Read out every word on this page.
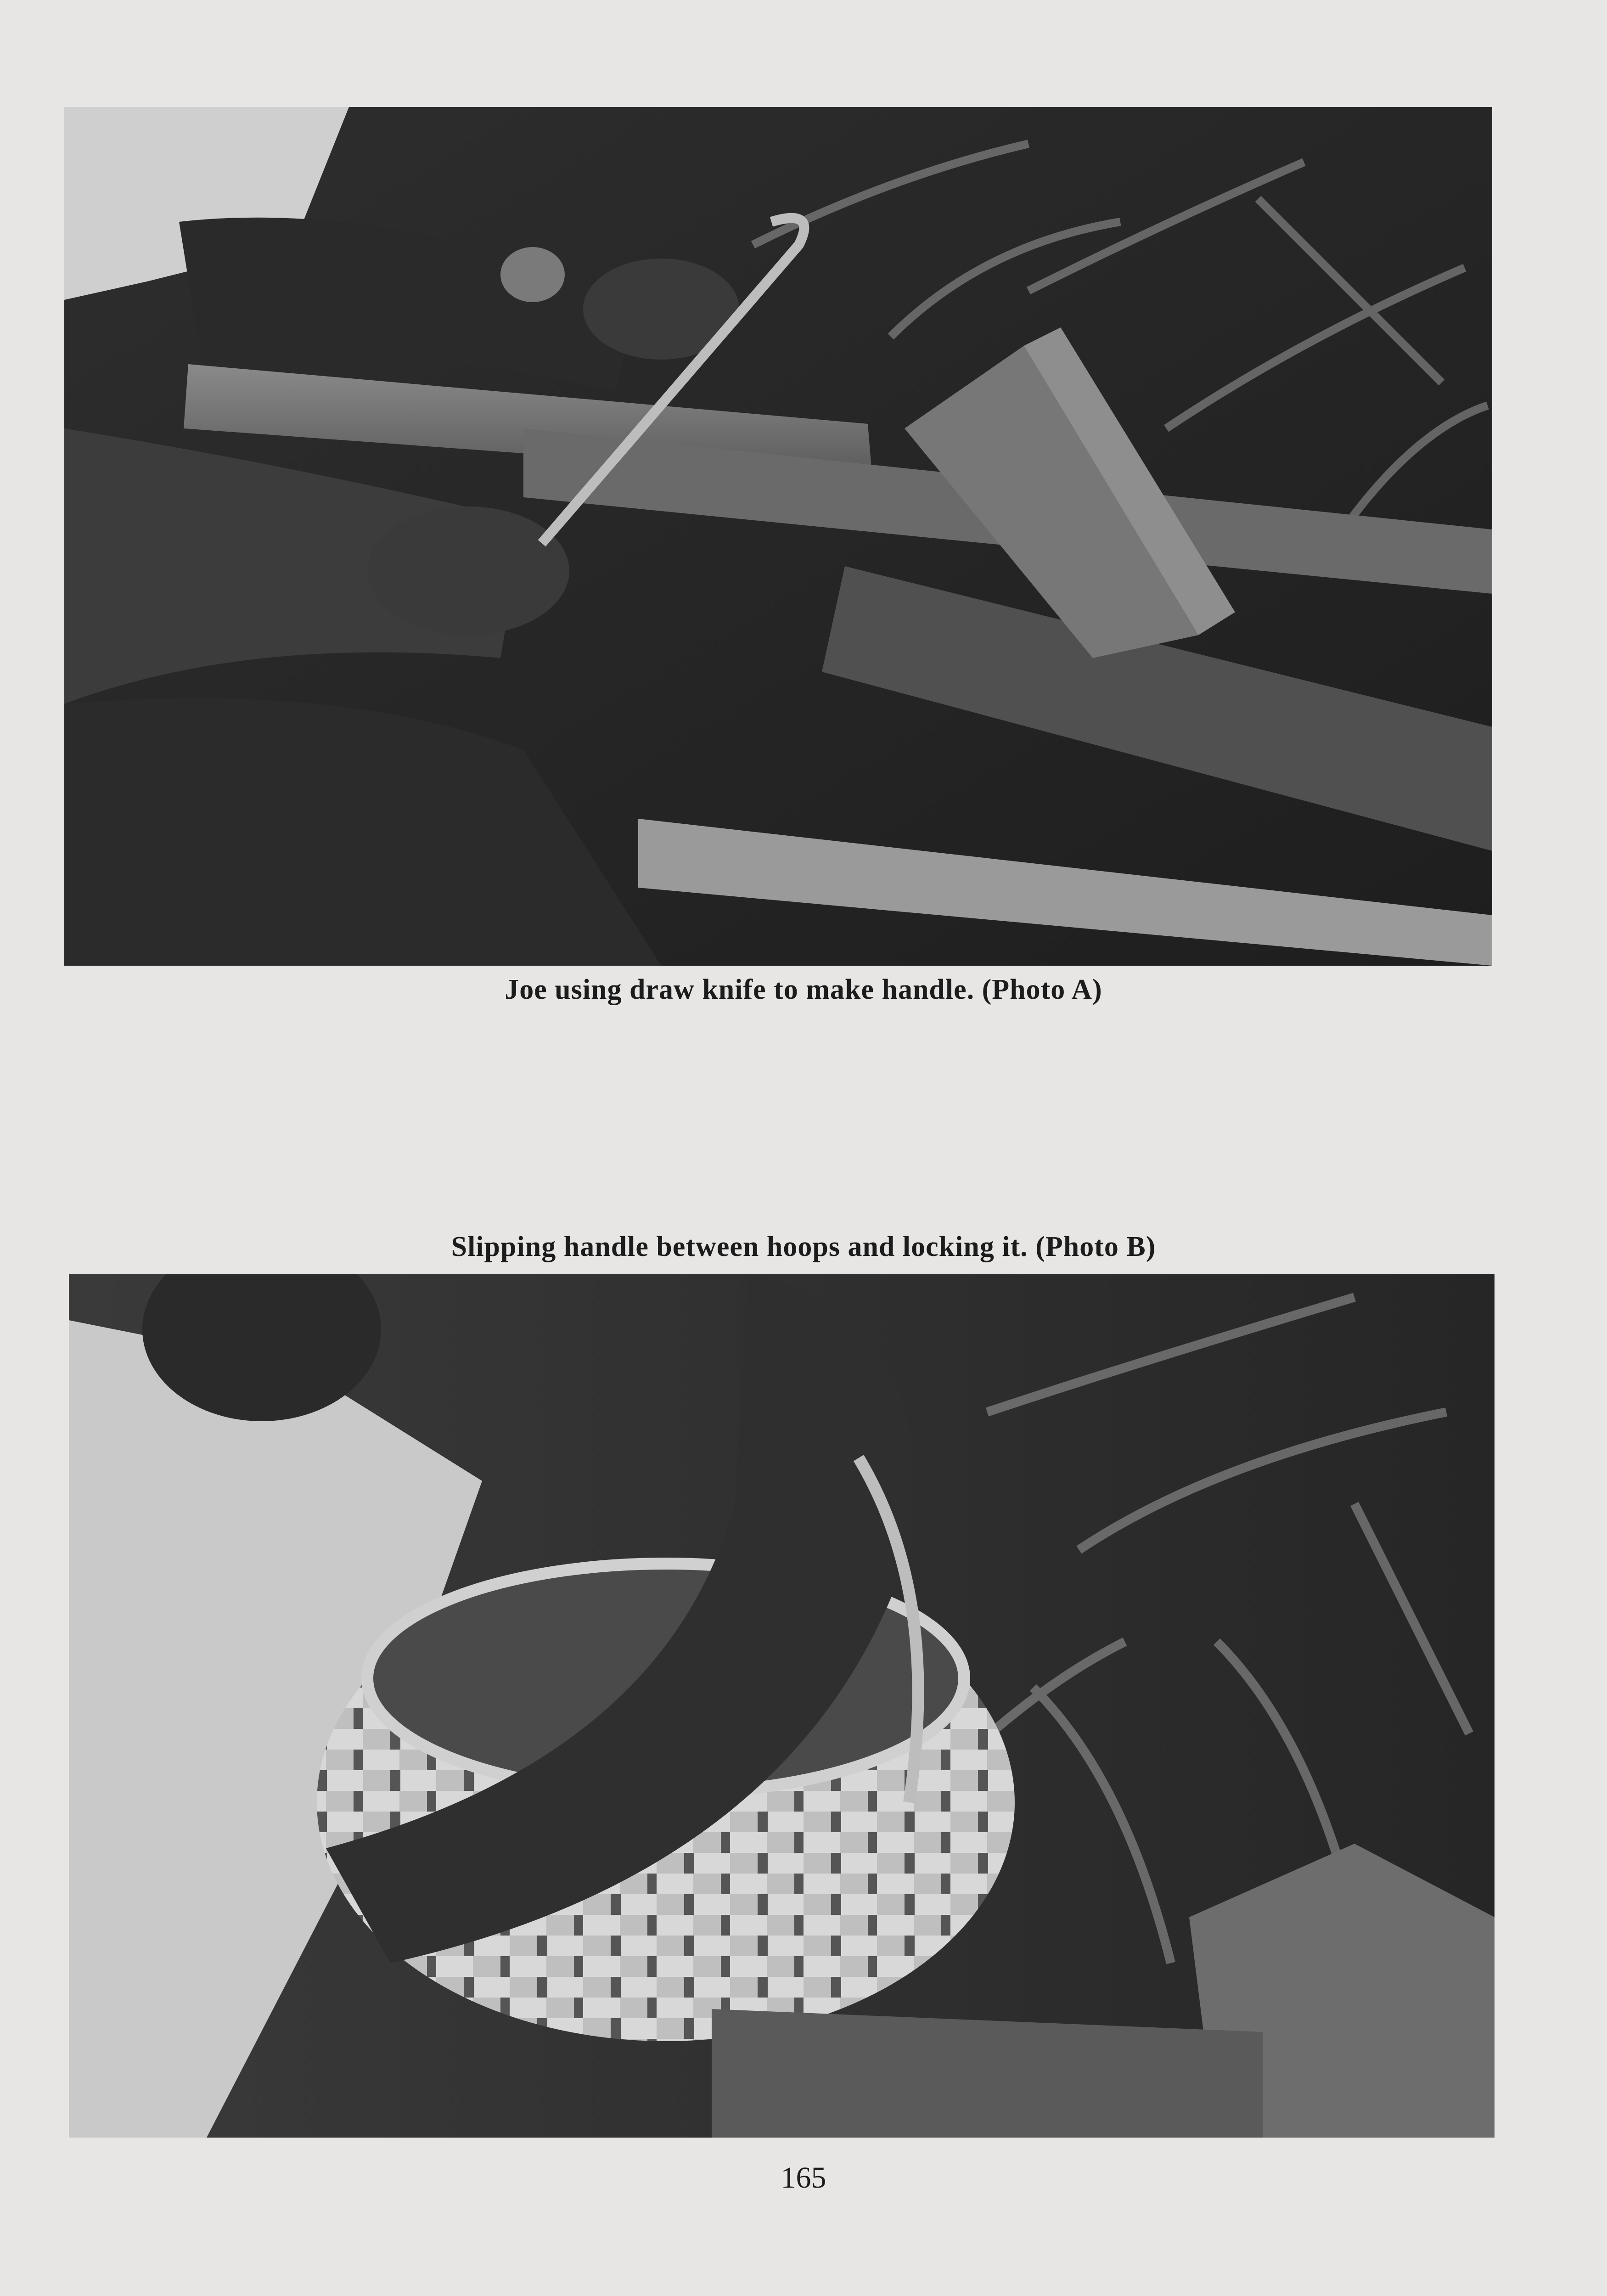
Joe using draw knife to make handle. (Photo A)
Slipping handle between hoops and locking it. (Photo B)
165
